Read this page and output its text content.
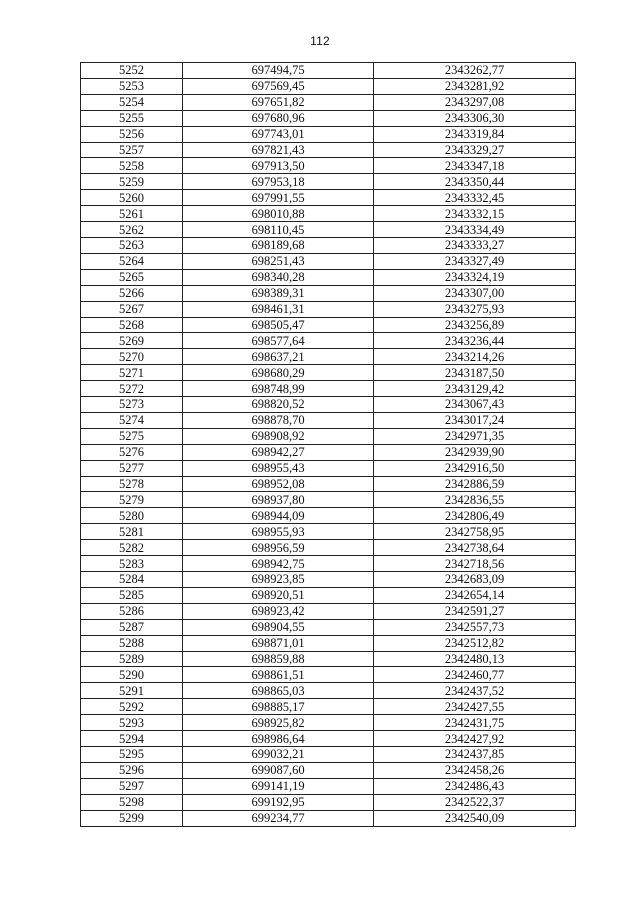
112
5252	697494,75	2343262,77
5253	697569,45	2343281,92
5254	697651,82	2343297,08
5255	697680,96	2343306,30
5256	697743,01	2343319,84
5257	697821,43	2343329,27
5258	697913,50	2343347,18
5259	697953,18	2343350,44
5260	697991,55	2343332,45
5261	698010,88	2343332,15
5262	698110,45	2343334,49
5263	698189,68	2343333,27
5264	698251,43	2343327,49
5265	698340,28	2343324,19
5266	698389,31	2343307,00
5267	698461,31	2343275,93
5268	698505,47	2343256,89
5269	698577,64	2343236,44
5270	698637,21	2343214,26
5271	698680,29	2343187,50
5272	698748,99	2343129,42
5273	698820,52	2343067,43
5274	698878,70	2343017,24
5275	698908,92	2342971,35
5276	698942,27	2342939,90
5277	698955,43	2342916,50
5278	698952,08	2342886,59
5279	698937,80	2342836,55
5280	698944,09	2342806,49
5281	698955,93	2342758,95
5282	698956,59	2342738,64
5283	698942,75	2342718,56
5284	698923,85	2342683,09
5285	698920,51	2342654,14
5286	698923,42	2342591,27
5287	698904,55	2342557,73
5288	698871,01	2342512,82
5289	698859,88	2342480,13
5290	698861,51	2342460,77
5291	698865,03	2342437,52
5292	698885,17	2342427,55
5293	698925,82	2342431,75
5294	698986,64	2342427,92
5295	699032,21	2342437,85
5296	699087,60	2342458,26
5297	699141,19	2342486,43
5298	699192,95	2342522,37
5299	699234,77	2342540,09
